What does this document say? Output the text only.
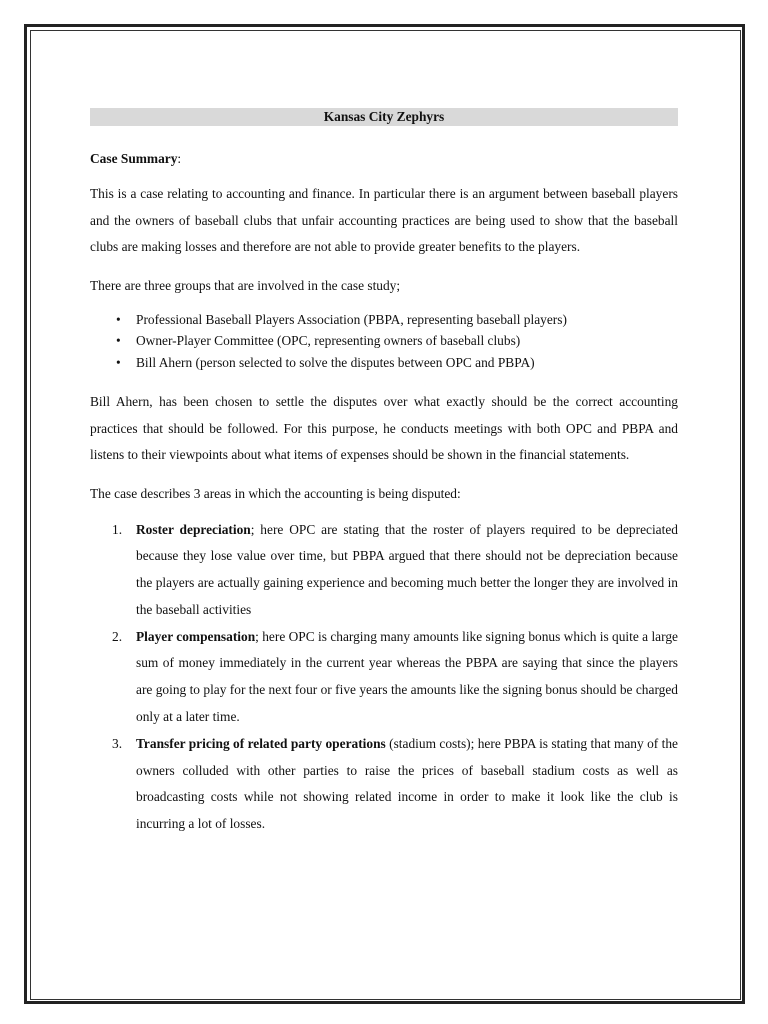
Kansas City Zephyrs
Case Summary:
This is a case relating to accounting and finance. In particular there is an argument between baseball players and the owners of baseball clubs that unfair accounting practices are being used to show that the baseball clubs are making losses and therefore are not able to provide greater benefits to the players.
There are three groups that are involved in the case study;
• Professional Baseball Players Association (PBPA, representing baseball players)
• Owner-Player Committee (OPC, representing owners of baseball clubs)
• Bill Ahern (person selected to solve the disputes between OPC and PBPA)
Bill Ahern, has been chosen to settle the disputes over what exactly should be the correct accounting practices that should be followed. For this purpose, he conducts meetings with both OPC and PBPA and listens to their viewpoints about what items of expenses should be shown in the financial statements.
The case describes 3 areas in which the accounting is being disputed:
1. Roster depreciation; here OPC are stating that the roster of players required to be depreciated because they lose value over time, but PBPA argued that there should not be depreciation because the players are actually gaining experience and becoming much better the longer they are involved in the baseball activities
2. Player compensation; here OPC is charging many amounts like signing bonus which is quite a large sum of money immediately in the current year whereas the PBPA are saying that since the players are going to play for the next four or five years the amounts like the signing bonus should be charged only at a later time.
3. Transfer pricing of related party operations (stadium costs); here PBPA is stating that many of the owners colluded with other parties to raise the prices of baseball stadium costs as well as broadcasting costs while not showing related income in order to make it look like the club is incurring a lot of losses.
